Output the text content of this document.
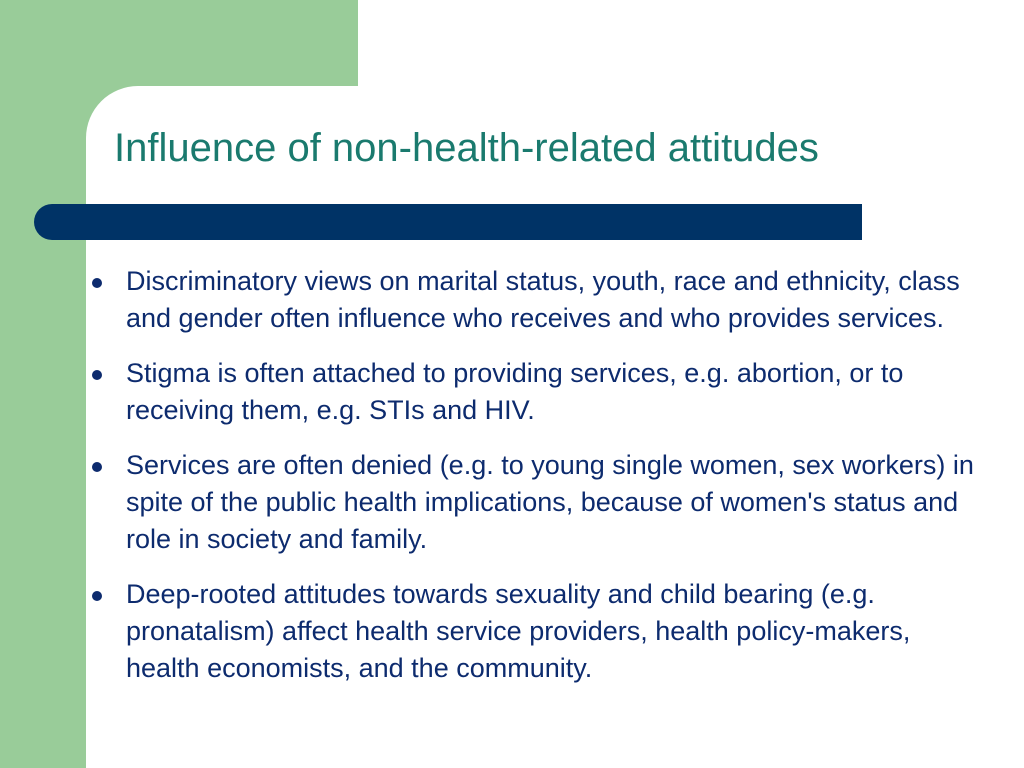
Influence of non-health-related attitudes
Discriminatory views on marital status, youth, race and ethnicity, class and gender often influence who receives and who provides services.
Stigma is often attached to providing services, e.g. abortion, or to receiving them, e.g. STIs and HIV.
Services are often denied (e.g. to young single women, sex workers) in spite of the public health implications, because of women's status and role in society and family.
Deep-rooted attitudes towards sexuality and child bearing (e.g. pronatalism) affect health service providers, health policy-makers, health economists, and the community.
